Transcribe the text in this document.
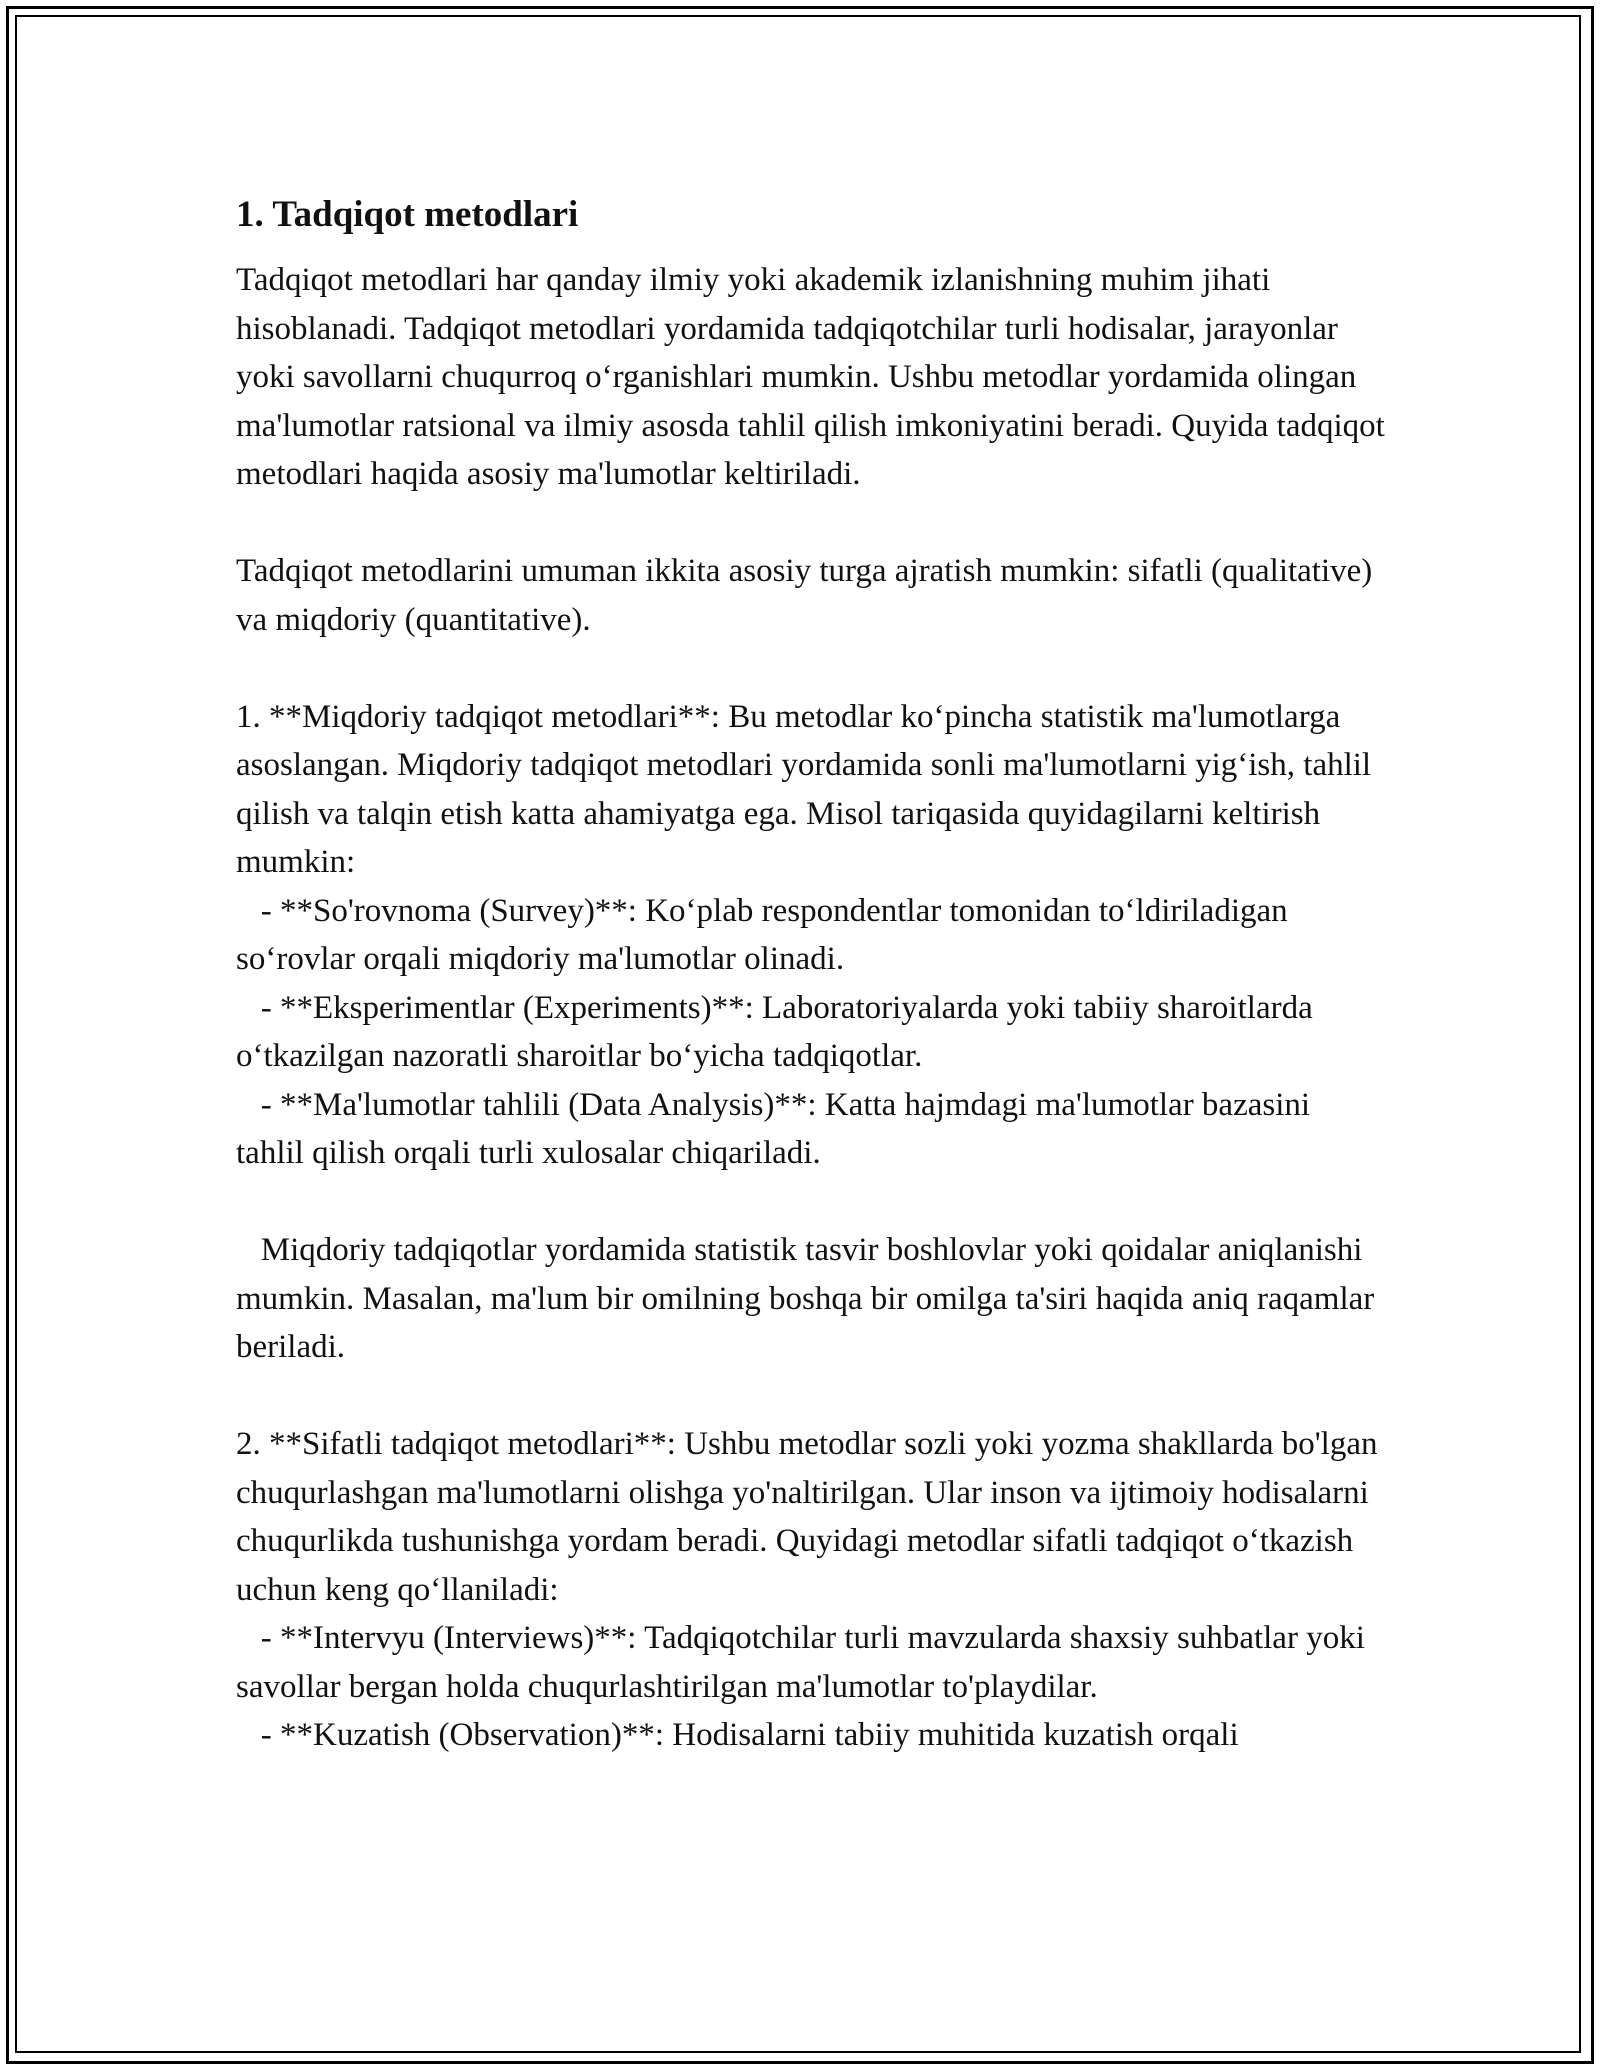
1. Tadqiqot metodlari

Tadqiqot metodlari har qanday ilmiy yoki akademik izlanishning muhim jihati hisoblanadi. Tadqiqot metodlari yordamida tadqiqotchilar turli hodisalar, jarayonlar yoki savollarni chuqurroq o‘rganishlari mumkin. Ushbu metodlar yordamida olingan ma'lumotlar ratsional va ilmiy asosda tahlil qilish imkoniyatini beradi. Quyida tadqiqot metodlari haqida asosiy ma'lumotlar keltiriladi.

Tadqiqot metodlarini umuman ikkita asosiy turga ajratish mumkin: sifatli (qualitative) va miqdoriy (quantitative).

1. **Miqdoriy tadqiqot metodlari**: Bu metodlar ko‘pincha statistik ma'lumotlarga asoslangan. Miqdoriy tadqiqot metodlari yordamida sonli ma'lumotlarni yig‘ish, tahlil qilish va talqin etish katta ahamiyatga ega. Misol tariqasida quyidagilarni keltirish mumkin:
- **So'rovnoma (Survey)**: Ko‘plab respondentlar tomonidan to‘ldiriladigan so‘rovlar orqali miqdoriy ma'lumotlar olinadi.
- **Eksperimentlar (Experiments)**: Laboratoriyalarda yoki tabiiy sharoitlarda o‘tkazilgan nazoratli sharoitlar bo‘yicha tadqiqotlar.
- **Ma'lumotlar tahlili (Data Analysis)**: Katta hajmdagi ma'lumotlar bazasini tahlil qilish orqali turli xulosalar chiqariladi.

Miqdoriy tadqiqotlar yordamida statistik tasvir boshlovlar yoki qoidalar aniqlanishi mumkin. Masalan, ma'lum bir omilning boshqa bir omilga ta'siri haqida aniq raqamlar beriladi.

2. **Sifatli tadqiqot metodlari**: Ushbu metodlar sozli yoki yozma shakllarda bo'lgan chuqurlashgan ma'lumotlarni olishga yo'naltirilgan. Ular inson va ijtimoiy hodisalarni chuqurlikda tushunishga yordam beradi. Quyidagi metodlar sifatli tadqiqot o‘tkazish uchun keng qo‘llaniladi:
- **Intervyu (Interviews)**: Tadqiqotchilar turli mavzularda shaxsiy suhbatlar yoki savollar bergan holda chuqurlashtirilgan ma'lumotlar to'playdilar.
- **Kuzatish (Observation)**: Hodisalarni tabiiy muhitida kuzatish orqali
